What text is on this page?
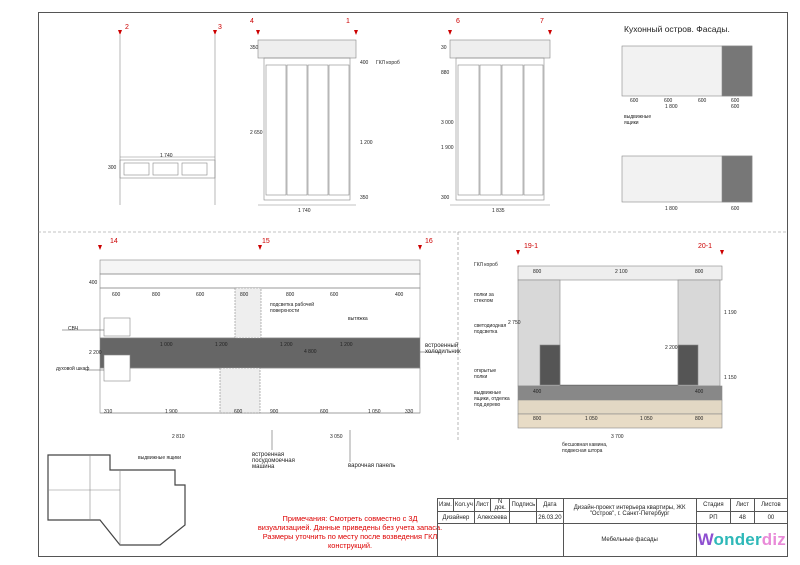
2	3
4	1	6	7
14	15	16
19-1	20-1
Кухонный остров. Фасады.
600	600	600	600
1 800	600
выдвижные ящики
1 800	600
1 740
300
1 740
350
2 650
1 200
350
400 ГКЛ короб
1 835
30
880
3 000
1 900
300
600	800	600	800	800	600	400
1 000	1 200	1 200	1 200
4 800
310	1 900	600	900	600	1 050	330
2 810	3 050
2 200
400
СВЧ
духовой шкаф
вытяжка
подсветка рабочей поверхности
встроенный холодильник
встроенная посудомоечная машина	варочная панель
800	2 100	800
400	400
800	1 050	1 050	800
3 700
ГКЛ короб
полки за стеклом
светодиодная подсветка
открытые полки
выдвижные ящики, отделка под дерево
бесшовная каминa, подвесная штора
2 750
1 190
2 200
1 150
выдвижные ящики
Примечания: Смотреть совместно с 3Д визуализацией. Данные приведены без учета запаса. Размеры уточнить по месту после возведения ГКЛ конструкций.
Изм.	Кол.уч	Лист	N док.	Подпись	Дата	Дизайн-проект интерьера квартиры, ЖК "Остров", г. Санкт-Петербург	Стадия	Лист	Листов
Дизайнер		Алексеева			26.03.20		РП	48	00
						Мебельные фасады	Wonderdiz		
